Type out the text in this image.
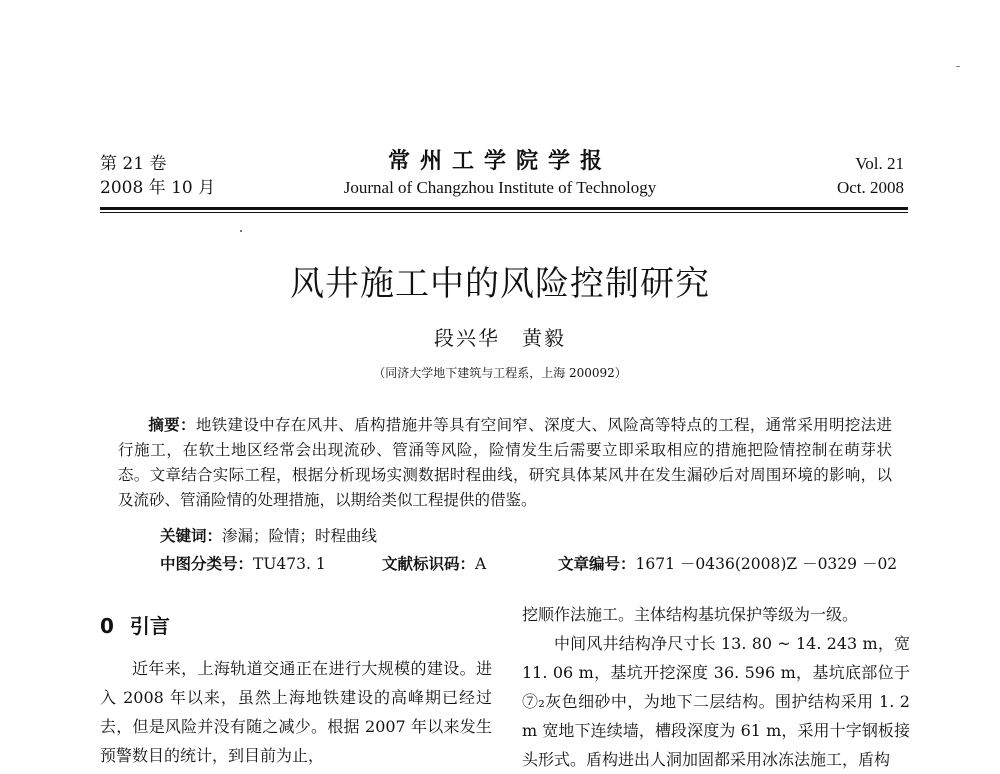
第 21 卷
2008 年 10 月
常州工学院学报
Journal of Changzhou Institute of Technology
Vol. 21
Oct. 2008
风井施工中的风险控制研究
段兴华　黄毅
（同济大学地下建筑与工程系，上海 200092）
摘要：地铁建设中存在风井、盾构措施井等具有空间窄、深度大、风险高等特点的工程，通常采用明挖法进行施工，在软土地区经常会出现流砂、管涌等风险，险情发生后需要立即采取相应的措施把险情控制在萌芽状态。文章结合实际工程，根据分析现场实测数据时程曲线，研究具体某风井在发生漏砂后对周围环境的影响，以及流砂、管涌险情的处理措施，以期给类似工程提供的借鉴。
关键词：渗漏；险情；时程曲线
中图分类号：TU473. 1	文献标识码：A	文章编号：1671 －0436(2008)Z －0329 －02
0 引言

近年来，上海轨道交通正在进行大规模的建设。进入 2008 年以来，虽然上海地铁建设的高峰期已经过去，但是风险并没有随之减少。根据 2007 年以来发生预警数目的统计，到目前为止，

挖顺作法施工。主体结构基坑保护等级为一级。

中间风井结构净尺寸长 13. 80 ~ 14. 243 m，宽 11. 06 m，基坑开挖深度 36. 596 m，基坑底部位于⑦₂灰色细砂中，为地下二层结构。围护结构采用 1. 2 m 宽地下连续墙，槽段深度为 61 m，采用十字钢板接头形式。盾构进出人洞加固都采用冰冻法施工，盾构
